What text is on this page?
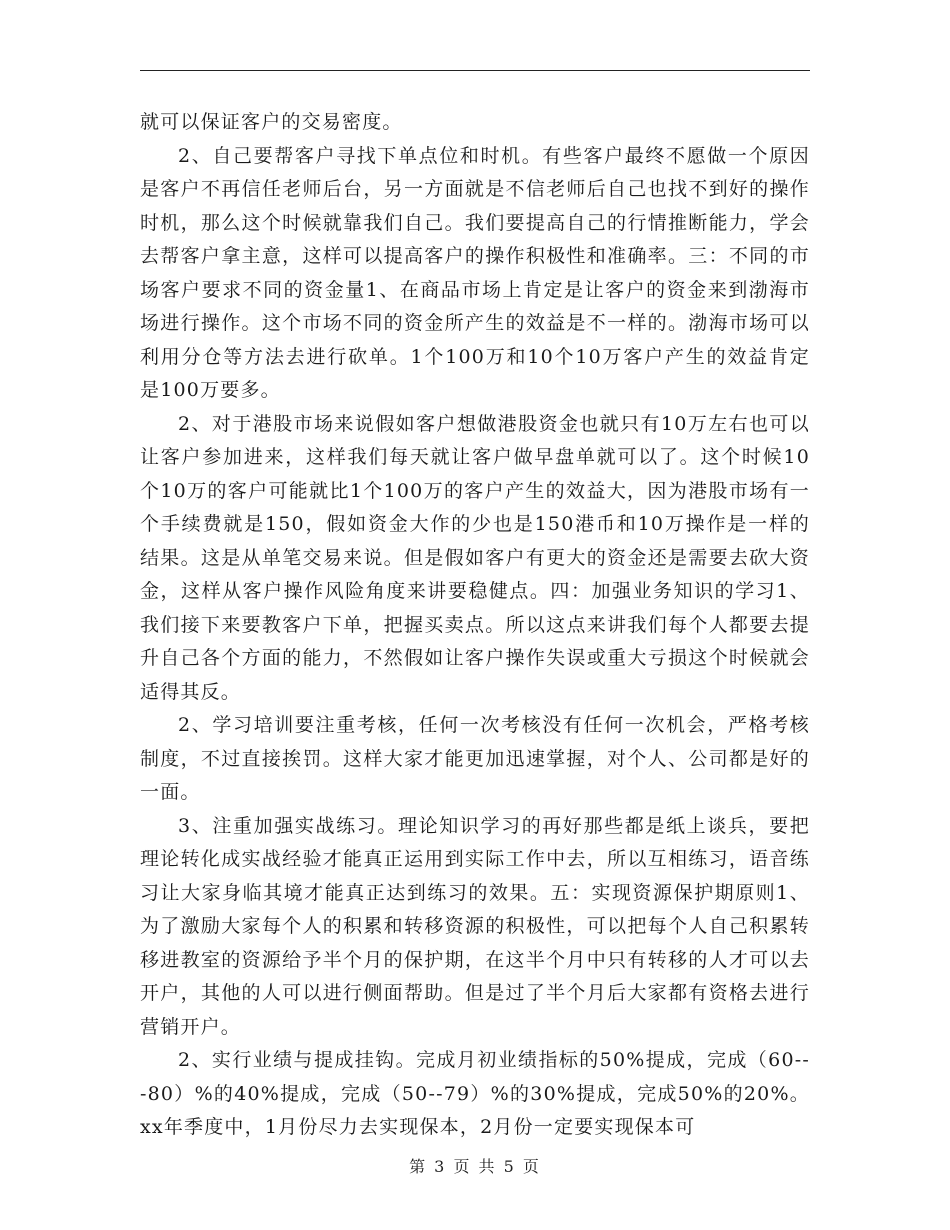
就可以保证客户的交易密度。

2、自己要帮客户寻找下单点位和时机。有些客户最终不愿做一个原因是客户不再信任老师后台，另一方面就是不信老师后自己也找不到好的操作时机，那么这个时候就靠我们自己。我们要提高自己的行情推断能力，学会去帮客户拿主意，这样可以提高客户的操作积极性和准确率。三：不同的市场客户要求不同的资金量1、在商品市场上肯定是让客户的资金来到渤海市场进行操作。这个市场不同的资金所产生的效益是不一样的。渤海市场可以利用分仓等方法去进行砍单。1个100万和10个10万客户产生的效益肯定是100万要多。

2、对于港股市场来说假如客户想做港股资金也就只有10万左右也可以让客户参加进来，这样我们每天就让客户做早盘单就可以了。这个时候10个10万的客户可能就比1个100万的客户产生的效益大，因为港股市场有一个手续费就是150，假如资金大作的少也是150港币和10万操作是一样的结果。这是从单笔交易来说。但是假如客户有更大的资金还是需要去砍大资金，这样从客户操作风险角度来讲要稳健点。四：加强业务知识的学习1、我们接下来要教客户下单，把握买卖点。所以这点来讲我们每个人都要去提升自己各个方面的能力，不然假如让客户操作失误或重大亏损这个时候就会适得其反。

2、学习培训要注重考核，任何一次考核没有任何一次机会，严格考核制度，不过直接挨罚。这样大家才能更加迅速掌握，对个人、公司都是好的一面。

3、注重加强实战练习。理论知识学习的再好那些都是纸上谈兵，要把理论转化成实战经验才能真正运用到实际工作中去，所以互相练习，语音练习让大家身临其境才能真正达到练习的效果。五：实现资源保护期原则1、为了激励大家每个人的积累和转移资源的积极性，可以把每个人自己积累转移进教室的资源给予半个月的保护期，在这半个月中只有转移的人才可以去开户，其他的人可以进行侧面帮助。但是过了半个月后大家都有资格去进行营销开户。

2、实行业绩与提成挂钩。完成月初业绩指标的50%提成，完成（60---80）%的40%提成，完成（50--79）%的30%提成，完成50%的20%。xx年季度中，1月份尽力去实现保本，2月份一定要实现保本可

第 3 页 共 5 页
